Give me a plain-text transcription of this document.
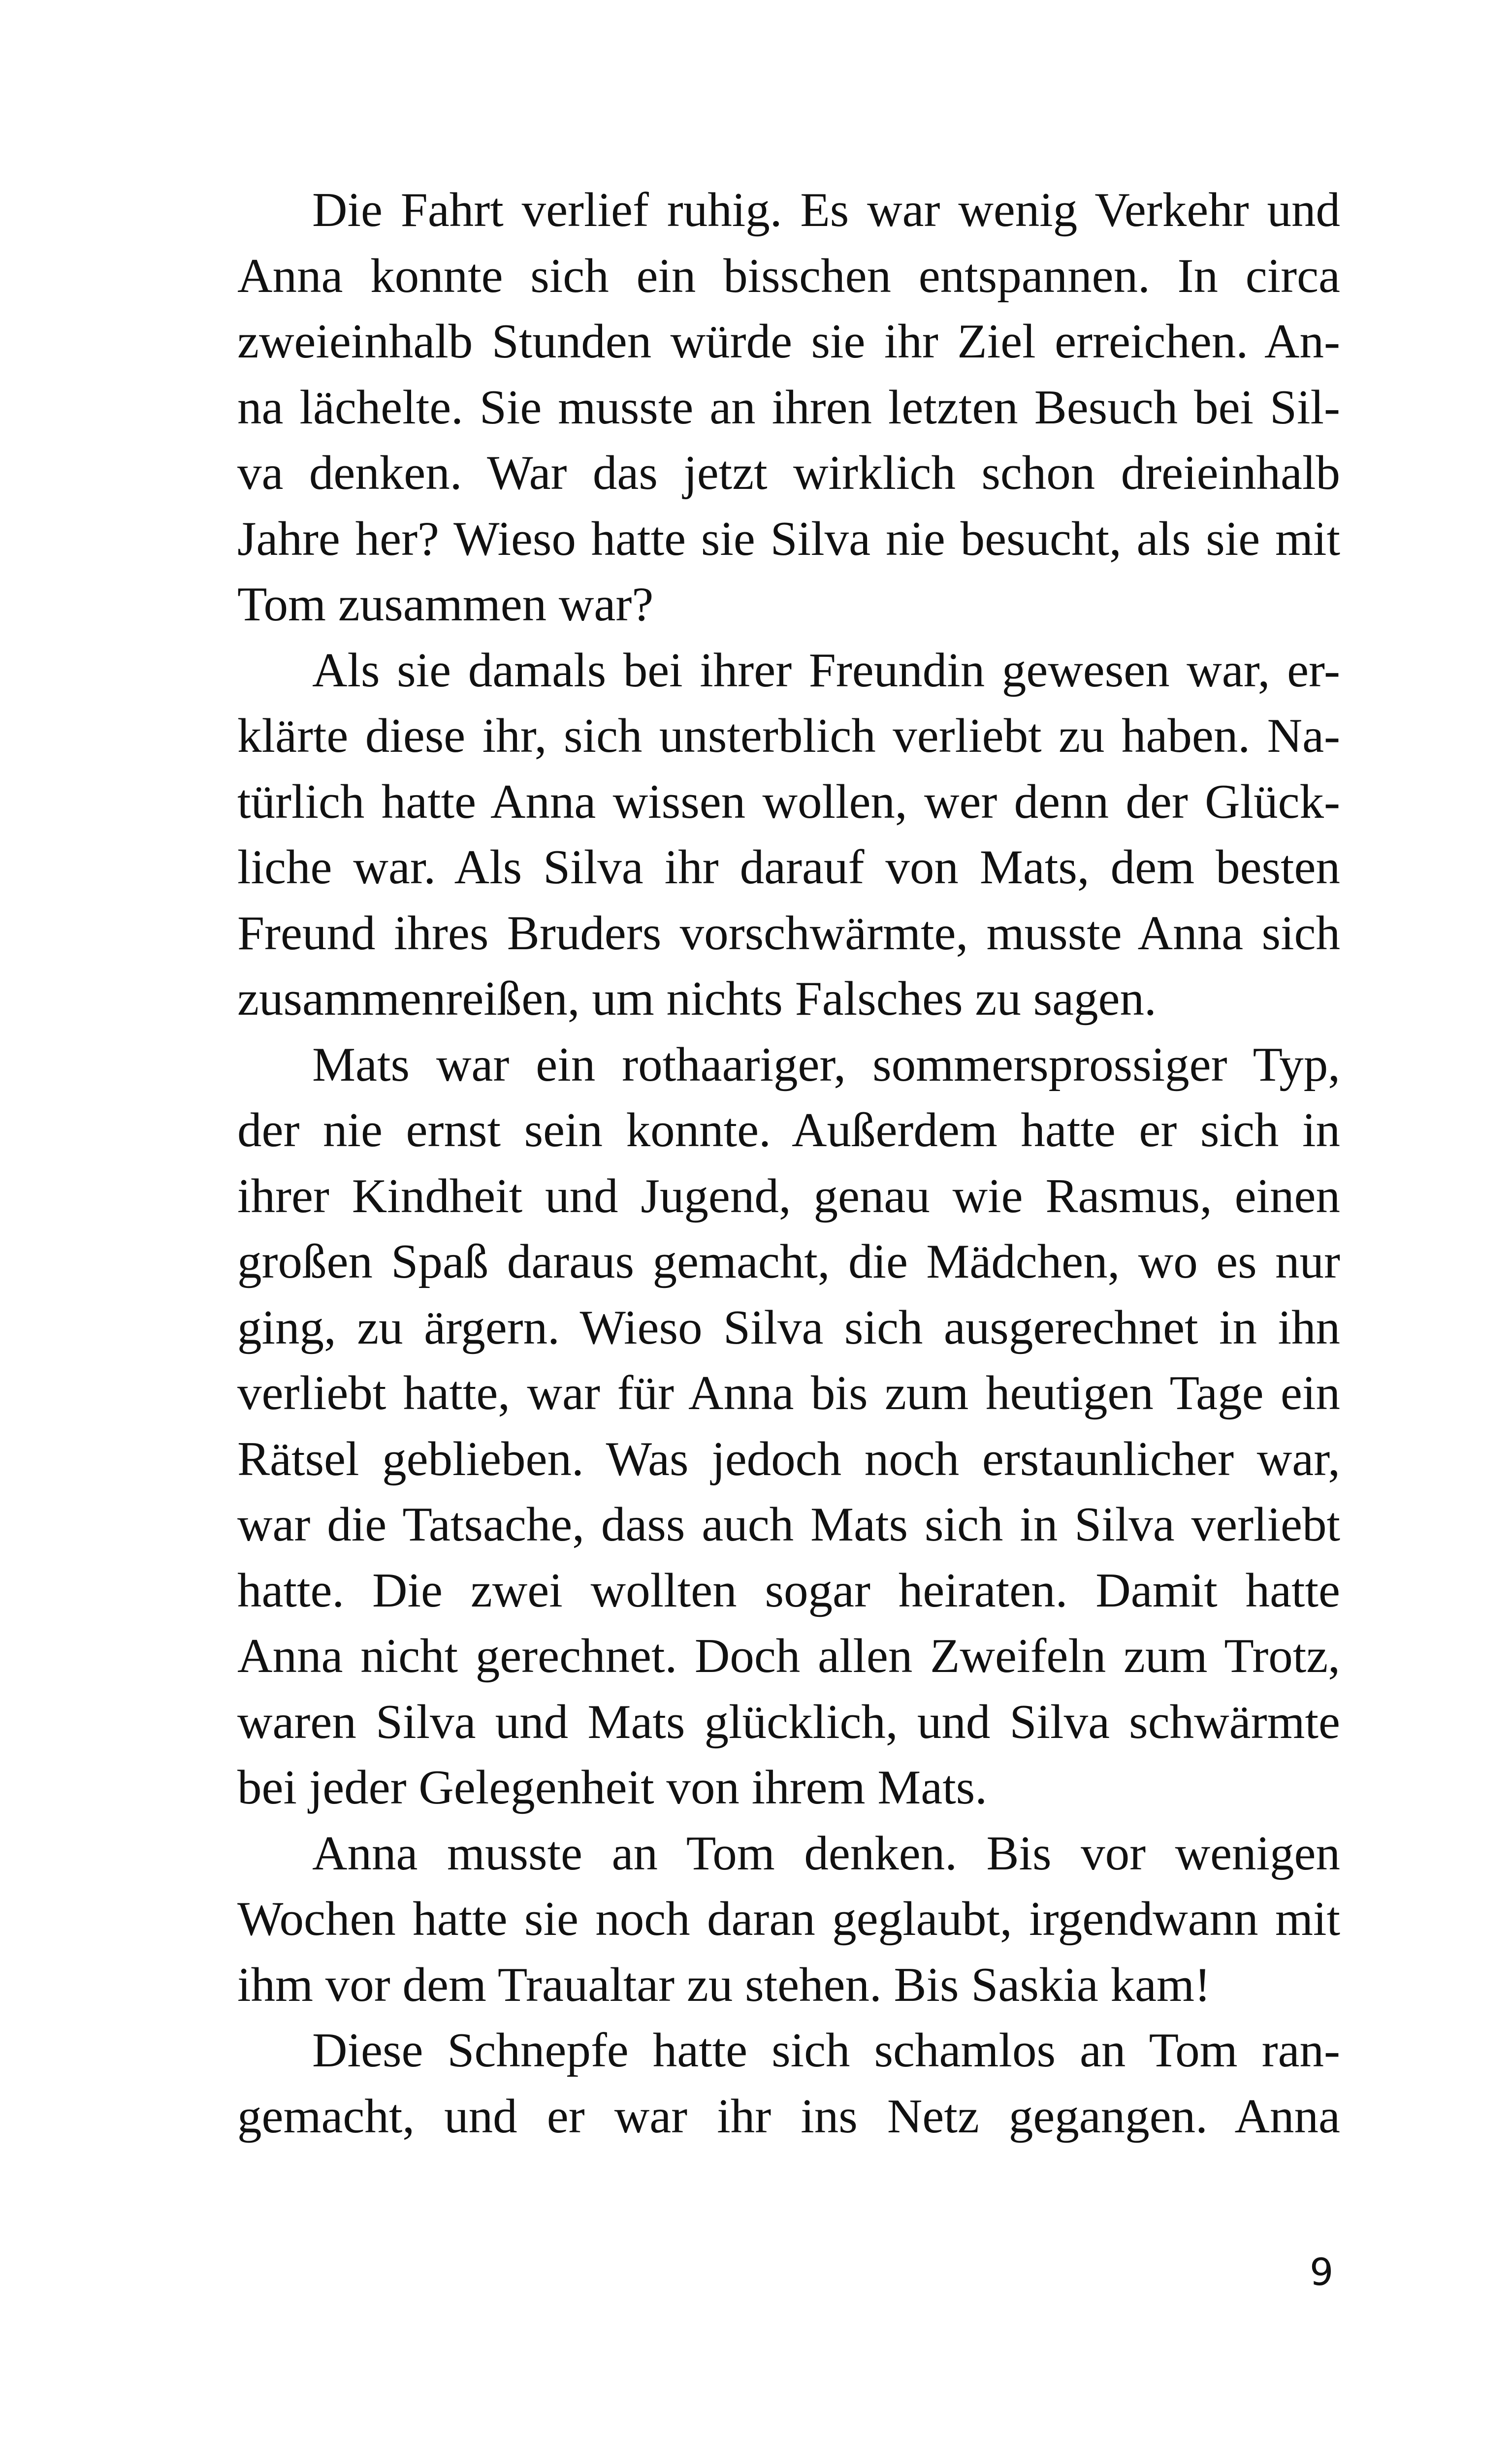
Die Fahrt verlief ruhig. Es war wenig Verkehr und
Anna konnte sich ein bisschen entspannen. In circa
zweieinhalb Stunden würde sie ihr Ziel erreichen. An-
na lächelte. Sie musste an ihren letzten Besuch bei Sil-
va denken. War das jetzt wirklich schon dreieinhalb
Jahre her? Wieso hatte sie Silva nie besucht, als sie mit
Tom zusammen war?
Als sie damals bei ihrer Freundin gewesen war, er-
klärte diese ihr, sich unsterblich verliebt zu haben. Na-
türlich hatte Anna wissen wollen, wer denn der Glück-
liche war. Als Silva ihr darauf von Mats, dem besten
Freund ihres Bruders vorschwärmte, musste Anna sich
zusammenreißen, um nichts Falsches zu sagen.
Mats war ein rothaariger, sommersprossiger Typ,
der nie ernst sein konnte. Außerdem hatte er sich in
ihrer Kindheit und Jugend, genau wie Rasmus, einen
großen Spaß daraus gemacht, die Mädchen, wo es nur
ging, zu ärgern. Wieso Silva sich ausgerechnet in ihn
verliebt hatte, war für Anna bis zum heutigen Tage ein
Rätsel geblieben. Was jedoch noch erstaunlicher war,
war die Tatsache, dass auch Mats sich in Silva verliebt
hatte. Die zwei wollten sogar heiraten. Damit hatte
Anna nicht gerechnet. Doch allen Zweifeln zum Trotz,
waren Silva und Mats glücklich, und Silva schwärmte
bei jeder Gelegenheit von ihrem Mats.
Anna musste an Tom denken. Bis vor wenigen
Wochen hatte sie noch daran geglaubt, irgendwann mit
ihm vor dem Traualtar zu stehen. Bis Saskia kam!
Diese Schnepfe hatte sich schamlos an Tom ran-
gemacht, und er war ihr ins Netz gegangen. Anna
9
